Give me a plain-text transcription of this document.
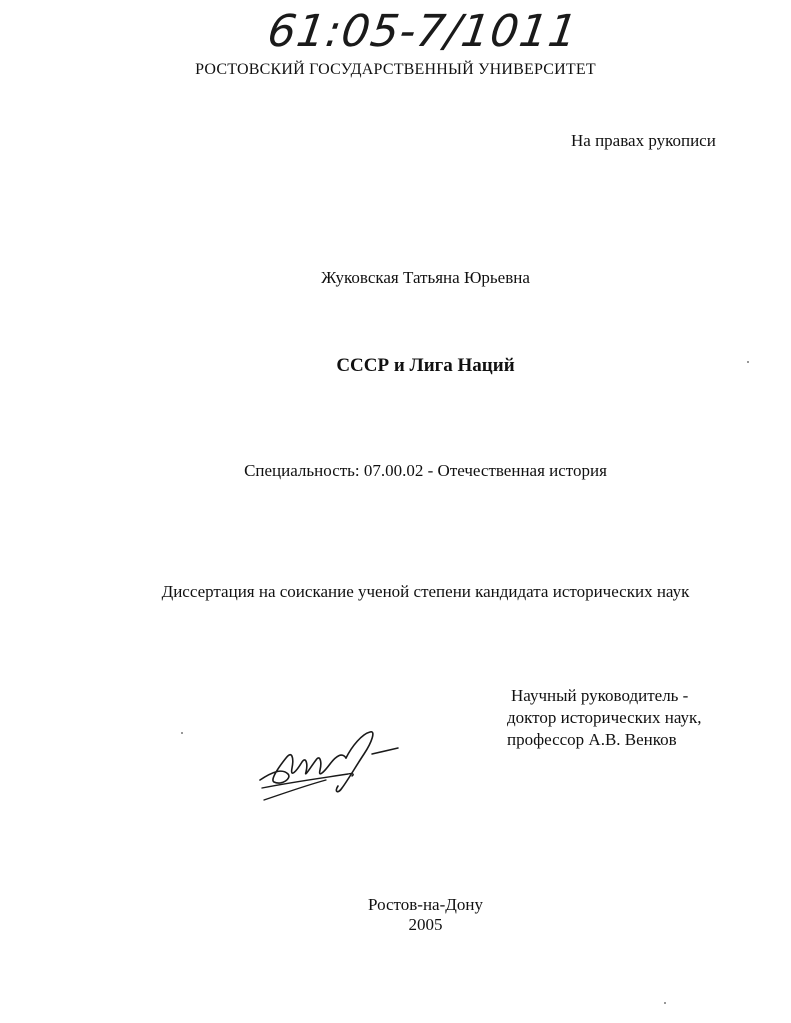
61:05-7/1011
РОСТОВСКИЙ ГОСУДАРСТВЕННЫЙ УНИВЕРСИТЕТ
На правах рукописи
Жуковская Татьяна Юрьевна
СССР и Лига Наций
Специальность: 07.00.02 - Отечественная история
Диссертация на соискание ученой степени кандидата исторических наук
Научный руководитель -
доктор исторических наук,
профессор А.В. Венков
Ростов-на-Дону
2005
